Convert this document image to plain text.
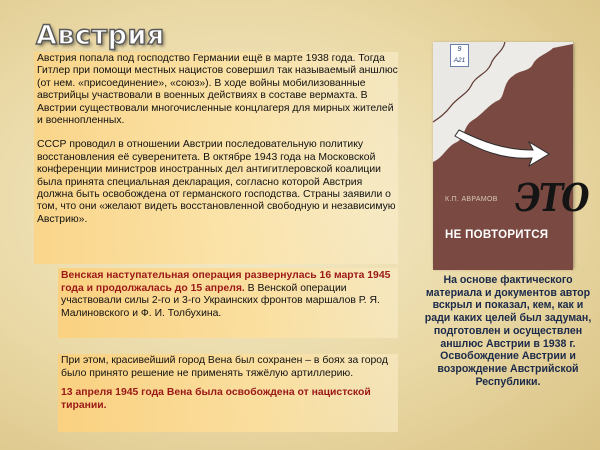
Австрия

Австрия попала под господство Германии ещё в марте 1938 года. Тогда Гитлер при помощи местных нацистов совершил так называемый аншлюс (от нем. «присоединение», «союз»). В ходе войны мобилизованные австрийцы участвовали в военных действиях в составе вермахта. В Австрии существовали многочисленные концлагеря для мирных жителей и военнопленных.

СССР проводил в отношении Австрии последовательную политику восстановления её суверенитета. В октябре 1943 года на Московской конференции министров иностранных дел антигитлеровской коалиции была принята специальная декларация, согласно которой Австрия должна быть освобождена от германского господства. Страны заявили о том, что они «желают видеть восстановленной свободную и независимую Австрию».

Венская наступательная операция развернулась 16 марта 1945 года и продолжалась до 15 апреля. В Венской операции участвовали силы 2-го и 3-го Украинских фронтов маршалов Р. Я. Малиновского и Ф. И. Толбухина.

При этом, красивейший город Вена был сохранен – в боях за город было принято решение не применять тяжёлую артиллерию.

13 апреля 1945 года Вена была освобождена от нацистской тирании.

9
А21
К.П. АВРАМОВ ЭТО
НЕ ПОВТОРИТСЯ

На основе фактического материала и документов автор вскрыл и показал, кем, как и ради каких целей был задуман, подготовлен и осуществлен аншлюс Австрии в 1938 г. Освобождение Австрии и возрождение Австрийской Республики.
